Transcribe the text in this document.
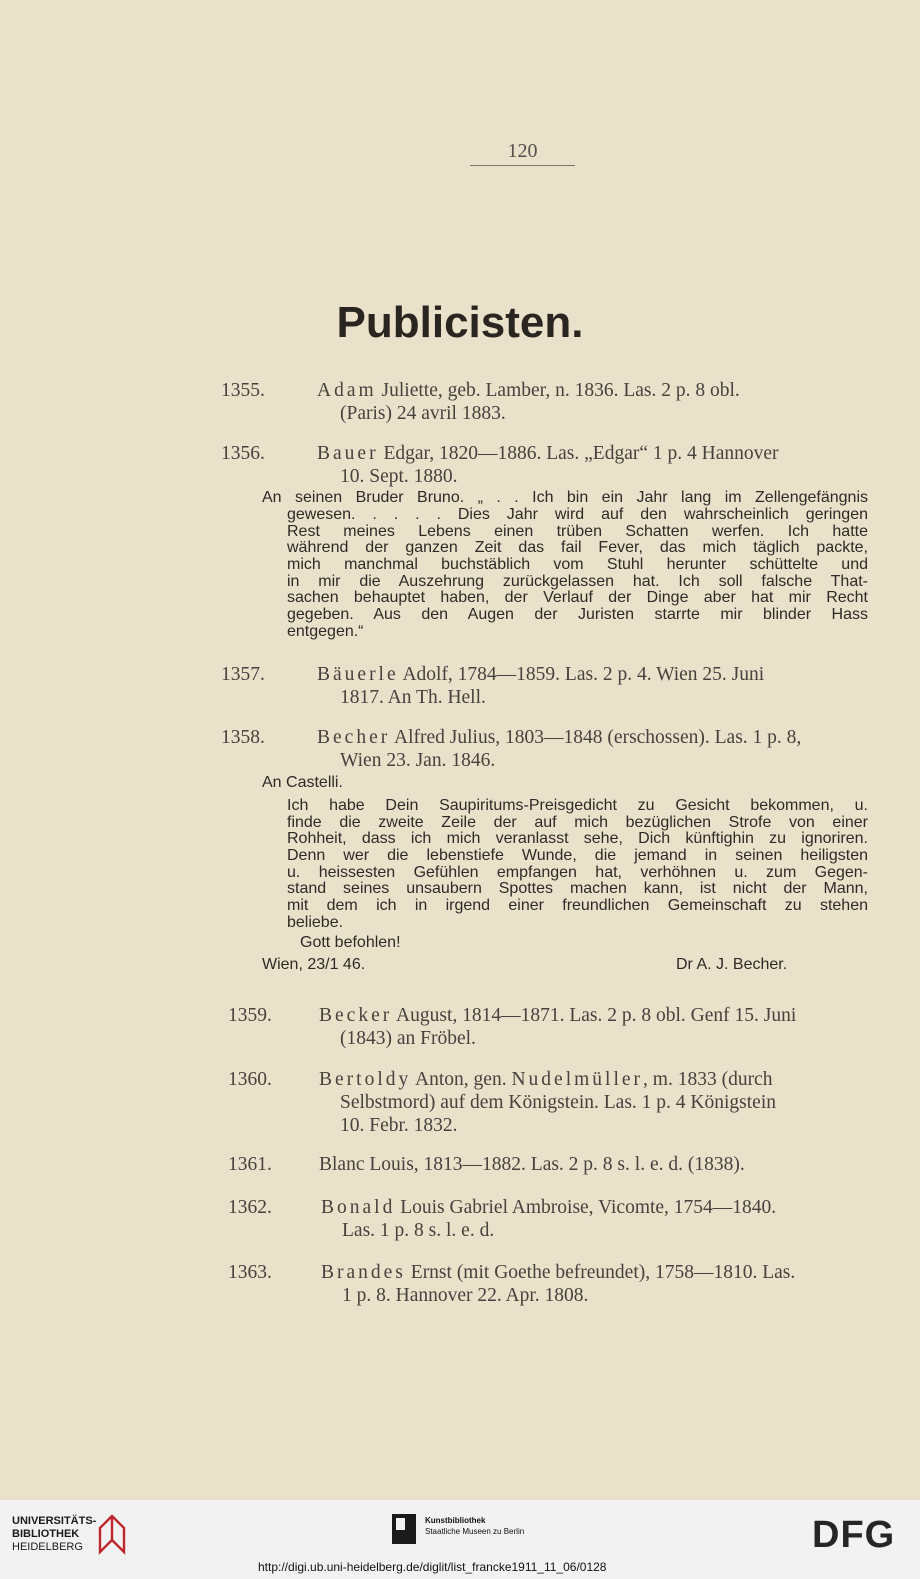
120
Publicisten.
1355.	Adam Juliette, geb. Lamber, n. 1836. Las. 2 p. 8 obl.
(Paris) 24 avril 1883.
1356.	Bauer Edgar, 1820—1886. Las. „Edgar“ 1 p. 4 Hannover
10. Sept. 1880.
An seinen Bruder Bruno. „ . . Ich bin ein Jahr lang im Zellengefängnis
gewesen. . . . . Dies Jahr wird auf den wahrscheinlich geringen
Rest meines Lebens einen trüben Schatten werfen. Ich hatte
während der ganzen Zeit das fail Fever, das mich täglich packte,
mich manchmal buchstäblich vom Stuhl herunter schüttelte und
in mir die Auszehrung zurückgelassen hat. Ich soll falsche That-
sachen behauptet haben, der Verlauf der Dinge aber hat mir Recht
gegeben. Aus den Augen der Juristen starrte mir blinder Hass
entgegen.“
1357.	Bäuerle Adolf, 1784—1859. Las. 2 p. 4. Wien 25. Juni
1817. An Th. Hell.
1358.	Becher Alfred Julius, 1803—1848 (erschossen). Las. 1 p. 8,
Wien 23. Jan. 1846.
An Castelli.
Ich habe Dein Saupiritums-Preisgedicht zu Gesicht bekommen, u.
finde die zweite Zeile der auf mich bezüglichen Strofe von einer
Rohheit, dass ich mich veranlasst sehe, Dich künftighin zu ignoriren.
Denn wer die lebenstiefe Wunde, die jemand in seinen heiligsten
u. heissesten Gefühlen empfangen hat, verhöhnen u. zum Gegen-
stand seines unsaubern Spottes machen kann, ist nicht der Mann,
mit dem ich in irgend einer freundlichen Gemeinschaft zu stehen
beliebe.
Gott befohlen!
Wien, 23/1 46.	Dr A. J. Becher.
1359. Becker August, 1814—1871. Las. 2 p. 8 obl. Genf 15. Juni
(1843) an Fröbel.
1360. Bertoldy Anton, gen. Nudelmüller, m. 1833 (durch
Selbstmord) auf dem Königstein. Las. 1 p. 4 Königstein
10. Febr. 1832.
1361. Blanc Louis, 1813—1882. Las. 2 p. 8 s. l. e. d. (1838).
1362.	Bonald Louis Gabriel Ambroise, Vicomte, 1754—1840.
Las. 1 p. 8 s. l. e. d.
1363.	Brandes Ernst (mit Goethe befreundet), 1758—1810. Las.
1 p. 8. Hannover 22. Apr. 1808.
UNIVERSITÄTS-
BIBLIOTHEK
HEIDELBERG
Kunstbibliothek
Staatliche Museen zu Berlin	DFG
http://digi.ub.uni-heidelberg.de/diglit/list_francke1911_11_06/0128
